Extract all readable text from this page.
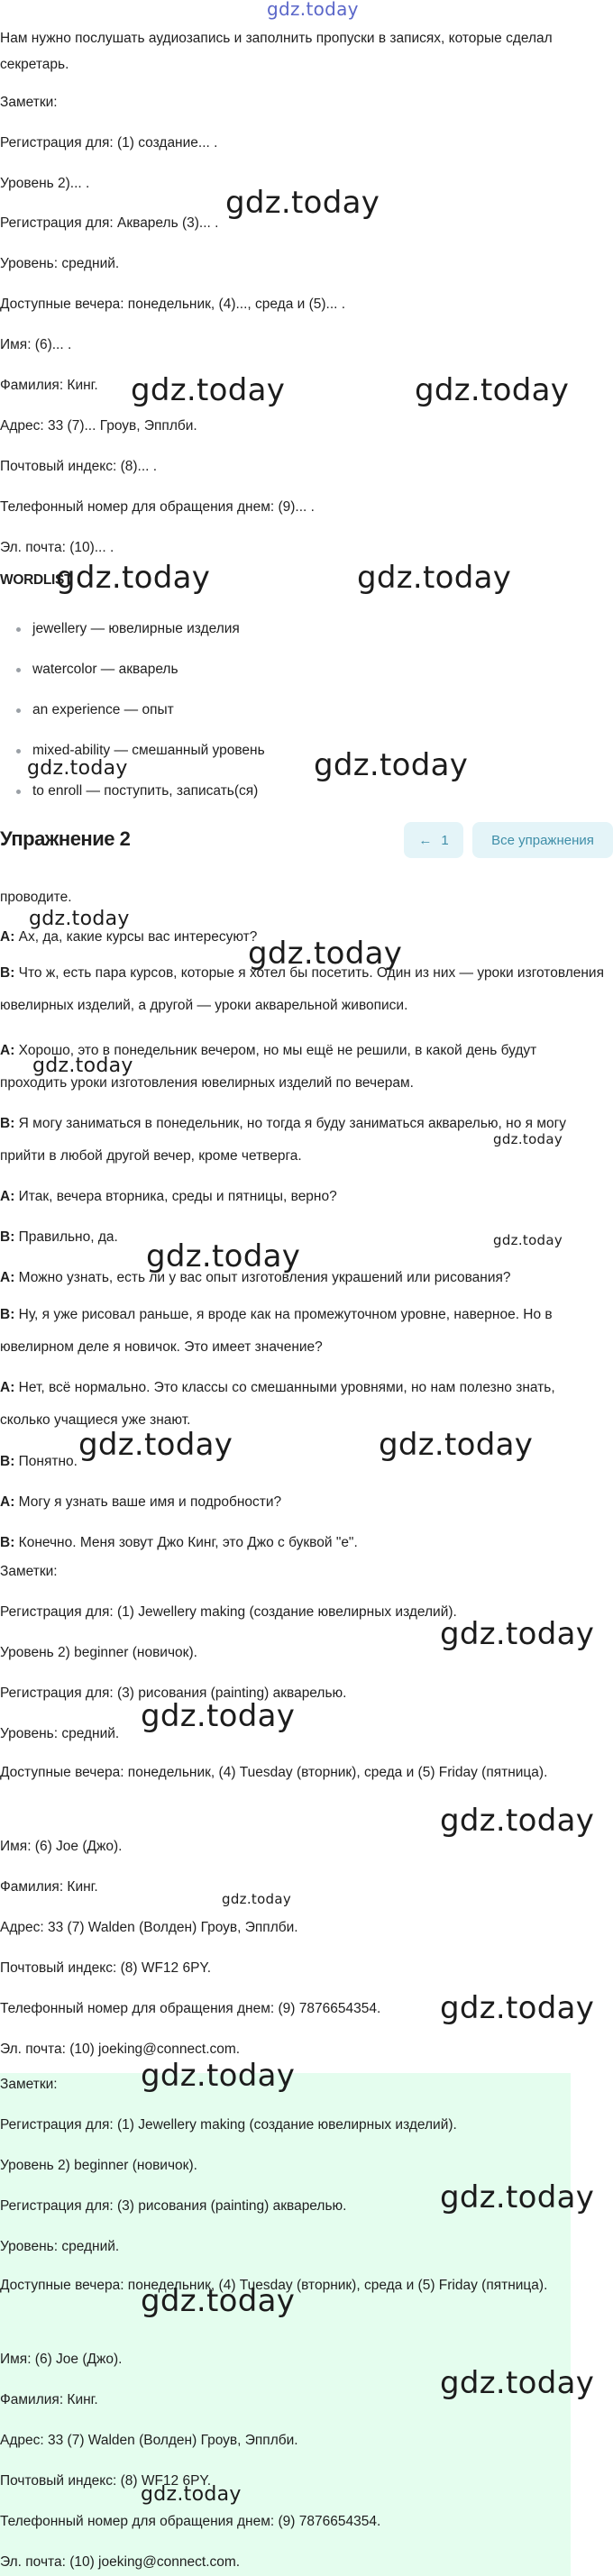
gdz.today
Нам нужно послушать аудиозапись и заполнить пропуски в записях, которые сделал секретарь.
Заметки:
Регистрация для: (1) создание... .
Уровень 2)... .
Регистрация для: Акварель (3)... .
Уровень: средний.
Доступные вечера: понедельник, (4)..., среда и (5)... .
Имя: (6)... .
Фамилия: Кинг.
Адрес: 33 (7)... Гроув, Эпплби.
Почтовый индекс: (8)... .
Телефонный номер для обращения днем: (9)... .
Эл. почта: (10)... .
WORDLIST
jewellery — ювелирные изделия
watercolor — акварель
an experience — опыт
mixed-ability — смешанный уровень
to enroll — поступить, записать(ся)
проводите.
A: Ах, да, какие курсы вас интересуют?
B: Что ж, есть пара курсов, которые я хотел бы посетить. Один из них — уроки изготовления ювелирных изделий, а другой — уроки акварельной живописи.
A: Хорошо, это в понедельник вечером, но мы ещё не решили, в какой день будут проходить уроки изготовления ювелирных изделий по вечерам.
B: Я могу заниматься в понедельник, но тогда я буду заниматься акварелью, но я могу прийти в любой другой вечер, кроме четверга.
A: Итак, вечера вторника, среды и пятницы, верно?
B: Правильно, да.
A: Можно узнать, есть ли у вас опыт изготовления украшений или рисования?
B: Ну, я уже рисовал раньше, я вроде как на промежуточном уровне, наверное. Но в ювелирном деле я новичок. Это имеет значение?
A: Нет, всё нормально. Это классы со смешанными уровнями, но нам полезно знать, сколько учащиеся уже знают.
B: Понятно.
A: Могу я узнать ваше имя и подробности?
B: Конечно. Меня зовут Джо Кинг, это Джо с буквой "е".
Заметки:
Регистрация для: (1) Jewellery making (создание ювелирных изделий).
Уровень 2) beginner (новичок).
Регистрация для: (3) рисования (painting) акварелью.
Уровень: средний.
Доступные вечера: понедельник, (4) Tuesday (вторник), среда и (5) Friday (пятница).
Имя: (6) Joe (Джо).
Фамилия: Кинг.
Адрес: 33 (7) Walden (Волден) Гроув, Эпплби.
Почтовый индекс: (8) WF12 6PY.
Телефонный номер для обращения днем: (9) 7876654354.
Эл. почта: (10) joeking@connect.com.
Заметки:
Регистрация для: (1) Jewellery making (создание ювелирных изделий).
Уровень 2) beginner (новичок).
Регистрация для: (3) рисования (painting) акварелью.
Уровень: средний.
Доступные вечера: понедельник, (4) Tuesday (вторник), среда и (5) Friday (пятница).
Имя: (6) Joe (Джо).
Фамилия: Кинг.
Адрес: 33 (7) Walden (Волден) Гроув, Эпплби.
Почтовый индекс: (8) WF12 6PY.
Телефонный номер для обращения днем: (9) 7876654354.
Эл. почта: (10) joeking@connect.com.
gdz.today
gdz.today	gdz.today
gdz.today	gdz.today
gdz.today	gdz.today
gdz.today
gdz.today
gdz.today
gdz.today
gdz.today	gdz.today
gdz.today	gdz.today
gdz.today
gdz.today
gdz.today
gdz.today
gdz.today
gdz.today
gdz.today
gdz.today
gdz.today
gdz.today
Упражнение 2	← 1	Все упражнения
